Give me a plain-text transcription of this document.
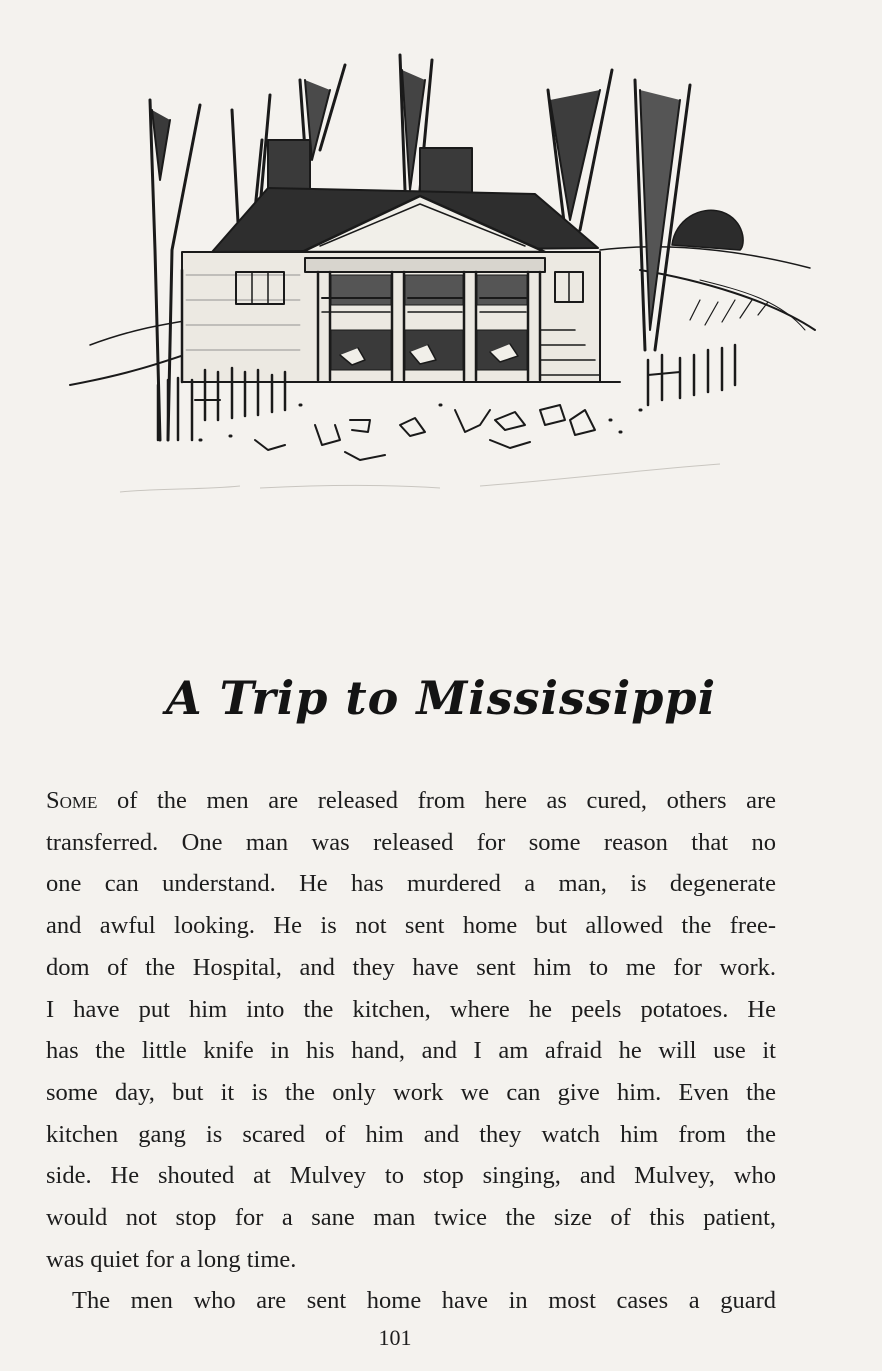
A Trip to Mississippi

Some of the men are released from here as cured, others are
transferred. One man was released for some reason that no
one can understand. He has murdered a man, is degenerate
and awful looking. He is not sent home but allowed the free-
dom of the Hospital, and they have sent him to me for work.
I have put him into the kitchen, where he peels potatoes. He
has the little knife in his hand, and I am afraid he will use it
some day, but it is the only work we can give him. Even the
kitchen gang is scared of him and they watch him from the
side. He shouted at Mulvey to stop singing, and Mulvey, who
would not stop for a sane man twice the size of this patient,
was quiet for a long time.

The men who are sent home have in most cases a guard

101
